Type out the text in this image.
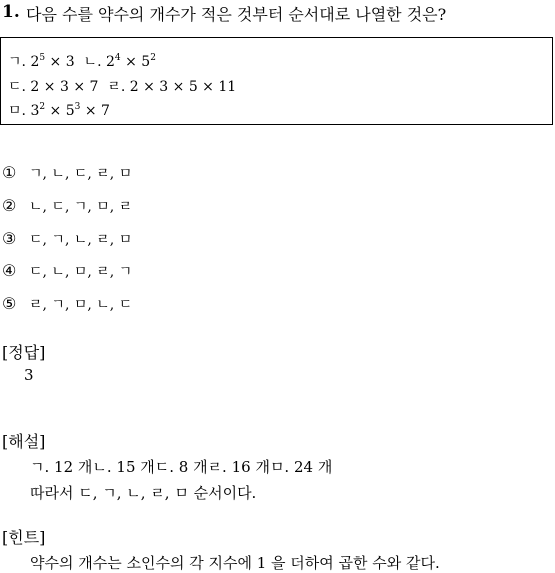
1. 다음 수를 약수의 개수가 적은 것부터 순서대로 나열한 것은?
ㄱ. $2^5 \times 3$ ㄴ. $2^4 \times 5^2$
ㄷ. 2 × 3 × 7 ㄹ. 2 × 3 × 5 × 11
ㅁ. $3^2 \times 5^3 \times 7$
① ㄱ, ㄴ, ㄷ, ㄹ, ㅁ
② ㄴ, ㄷ, ㄱ, ㅁ, ㄹ
③ ㄷ, ㄱ, ㄴ, ㄹ, ㅁ
④ ㄷ, ㄴ, ㅁ, ㄹ, ㄱ
⑤ ㄹ, ㄱ, ㅁ, ㄴ, ㄷ
[정답]
3
[해설]
ㄱ. 12 개ㄴ. 15 개ㄷ. 8 개ㄹ. 16 개ㅁ. 24 개
따라서 ㄷ, ㄱ, ㄴ, ㄹ, ㅁ 순서이다.
[힌트]
약수의 개수는 소인수의 각 지수에 1 을 더하여 곱한 수와 같다.
